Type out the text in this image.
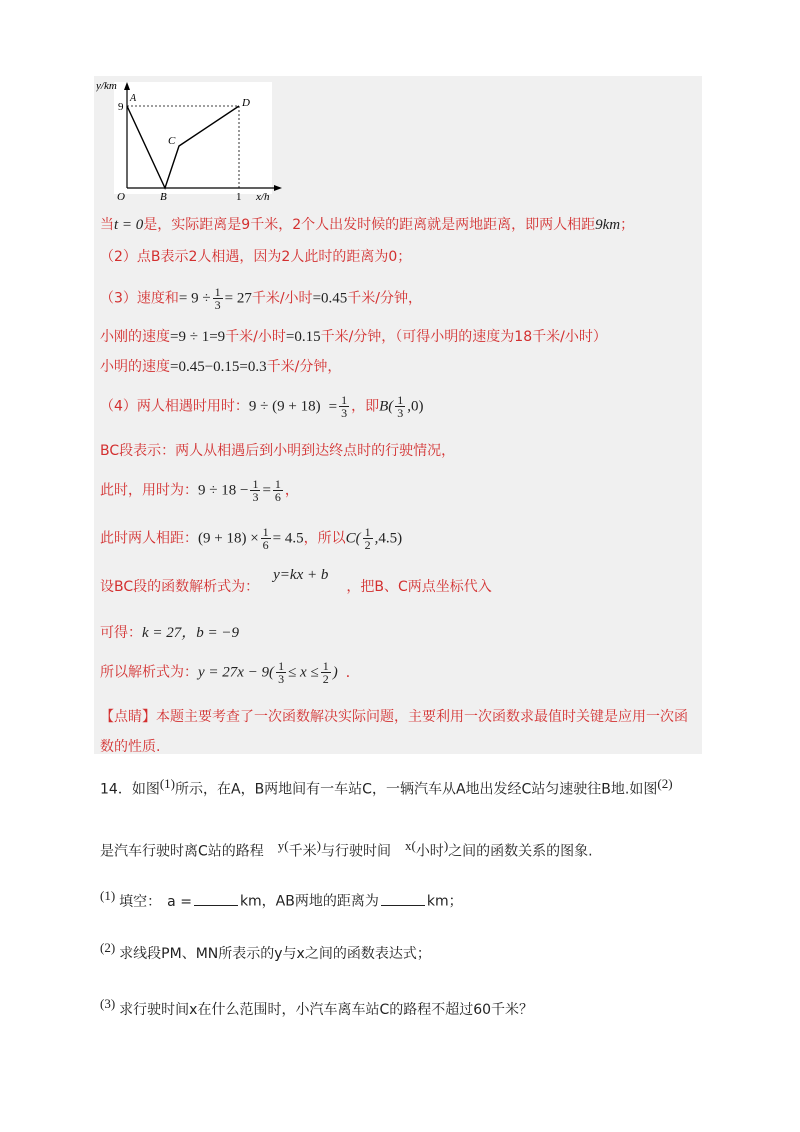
y/km
x/h
O
9
1
A
B
C
D
当t = 0是，实际距离是9千米，2个人出发时候的距离就是两地距离，即两人相距9km；
（2）点B表示2人相遇，因为2人此时的距离为0；
（3）速度和= $9 \div \frac{1}{3} = 27$千米/小时=0.45千米/分钟，
小刚的速度=9 ÷ 1=9千米/小时=0.15千米/分钟，（可得小明的速度为18千米/小时）
小明的速度=0.45−0.15=0.3千米/分钟，
（4）两人相遇时用时：$9 \div (9 + 18) = \frac{1}{3}$ ，即$B( \frac{1}{3} ,0)$
BC段表示：两人从相遇后到小明到达终点时的行驶情况，
此时，用时为：$9 \div 18 - \frac{1}{3} = \frac{1}{6}$ ，
此时两人相距：$(9 + 18) \times \frac{1}{6} = 4.5$，所以$C( \frac{1}{2} ,4.5)$
设BC段的函数解析式为：y=kx + b，把B、C两点坐标代入
可得：k = 27，b = −9
所以解析式为：$y = 27x - 9( \frac{1}{3} \le x \le \frac{1}{2}$ ) ．
【点睛】本题主要考查了一次函数解决实际问题，主要利用一次函数求最值时关键是应用一次函
数的性质.
14．如图(1)所示，在A，B两地间有一车站C，一辆汽车从A地出发经C站匀速驶往B地.如图(2)
是汽车行驶时离C站的路程 y(千米)与行驶时间 x(小时)之间的函数关系的图象.
(1) 填空： a =	km，AB两地的距离为	km；
(2) 求线段PM、MN所表示的y与x之间的函数表达式；
(3) 求行驶时间x在什么范围时，小汽车离车站C的路程不超过60千米？
